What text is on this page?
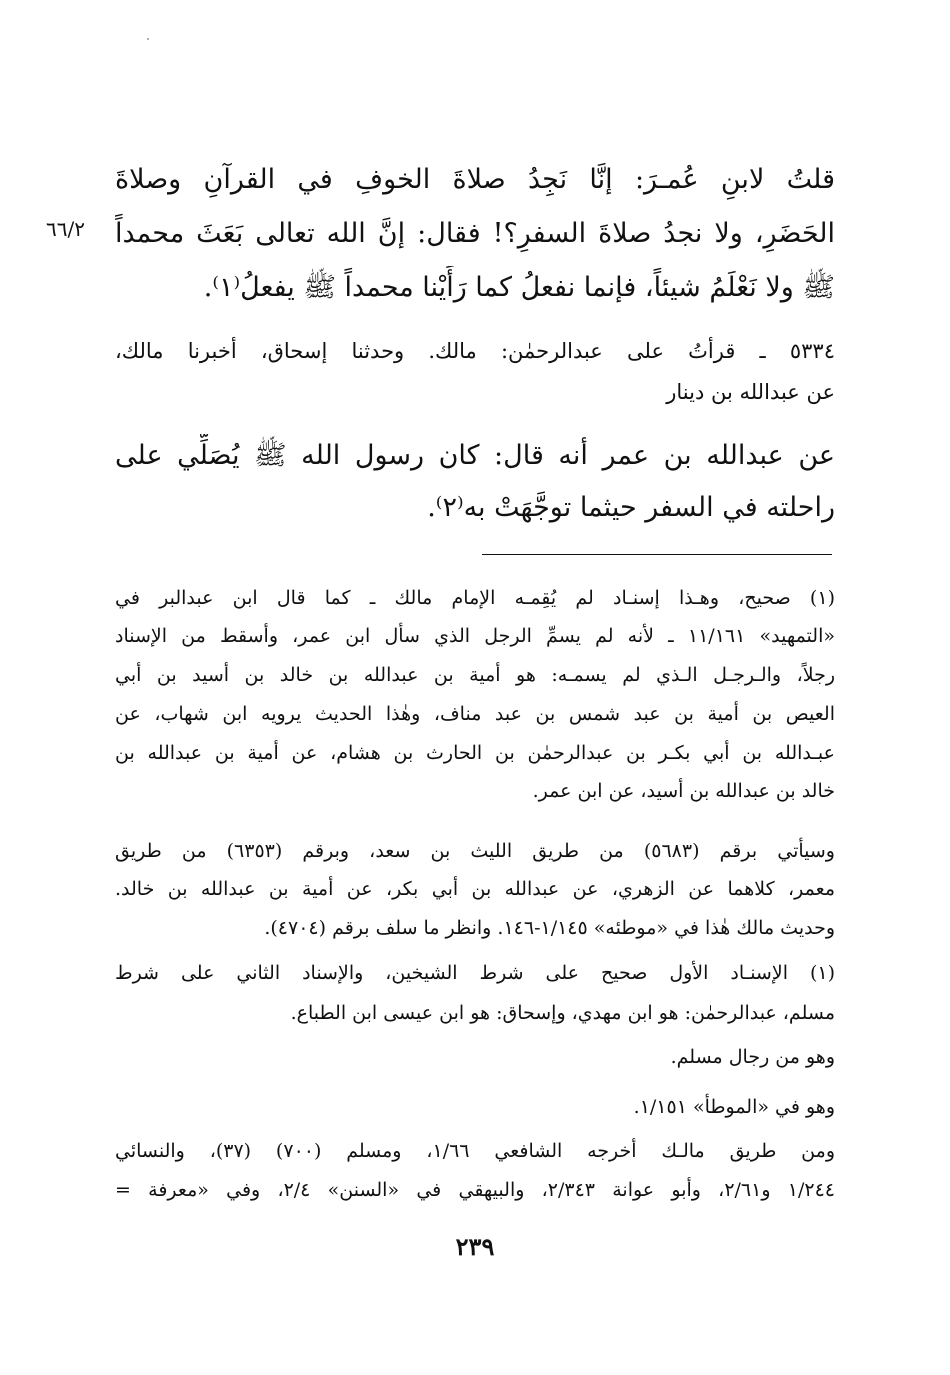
٦٦/٢
قلتُ لابنِ عُمـرَ: إنَّا نَجِدُ صلاةَ الخوفِ في القرآنِ وصلاةَ
الحَضَرِ، ولا نجدُ صلاةَ السفرِ؟! فقال: إنَّ الله تعالى بَعَثَ محمداً
ﷺ ولا نَعْلَمُ شيئاً، فإنما نفعلُ كما رَأَيْنا محمداً ﷺ يفعلُ⁽١⁾.
٥٣٣٤ ـ قرأتُ على عبدالرحمٰن: مالك. وحدثنا إسحاق، أخبرنا مالك،
عن عبدالله بن دينار
عن عبدالله بن عمر أنه قال: كان رسول الله ﷺ يُصَلِّي على
راحلته في السفر حيثما توجَّهَتْ به⁽٢⁾.
(١) صحيح، وهـذا إسنـاد لم يُقِمـه الإمام مالك ـ كما قال ابن عبدالبر في
«التمهيد» ١١/١٦١ ـ لأنه لم يسمِّ الرجل الذي سأل ابن عمر، وأسقط من الإسناد
رجلاً، والـرجـل الـذي لم يسمـه: هو أمية بن عبدالله بن خالد بن أسيد بن أبي
العيص بن أمية بن عبد شمس بن عبد مناف، وهٰذا الحديث يرويه ابن شهاب، عن
عبـدالله بن أبي بكـر بن عبدالرحمٰن بن الحارث بن هشام، عن أمية بن عبدالله بن
خالد بن عبدالله بن أسيد، عن ابن عمر.
وسيأتي برقم (٥٦٨٣) من طريق الليث بن سعد، وبرقم (٦٣٥٣) من طريق
معمر، كلاهما عن الزهري، عن عبدالله بن أبي بكر، عن أمية بن عبدالله بن خالد.
وحديث مالك هٰذا في «موطئه» ١/١٤٥-١٤٦. وانظر ما سلف برقم (٤٧٠٤).
(١) الإسنـاد الأول صحيح على شرط الشيخين، والإسناد الثاني على شرط
مسلم، عبدالرحمٰن: هو ابن مهدي، وإسحاق: هو ابن عيسى ابن الطباع.
وهو من رجال مسلم.
وهو في «الموطأ» ١/١٥١.
ومن طريق مالـك أخرجه الشافعي ١/٦٦، ومسلم (٧٠٠) (٣٧)، والنسائي
١/٢٤٤ و٢/٦١، وأبو عوانة ٢/٣٤٣، والبيهقي في «السنن» ٢/٤، وفي «معرفة =
٢٣٩
